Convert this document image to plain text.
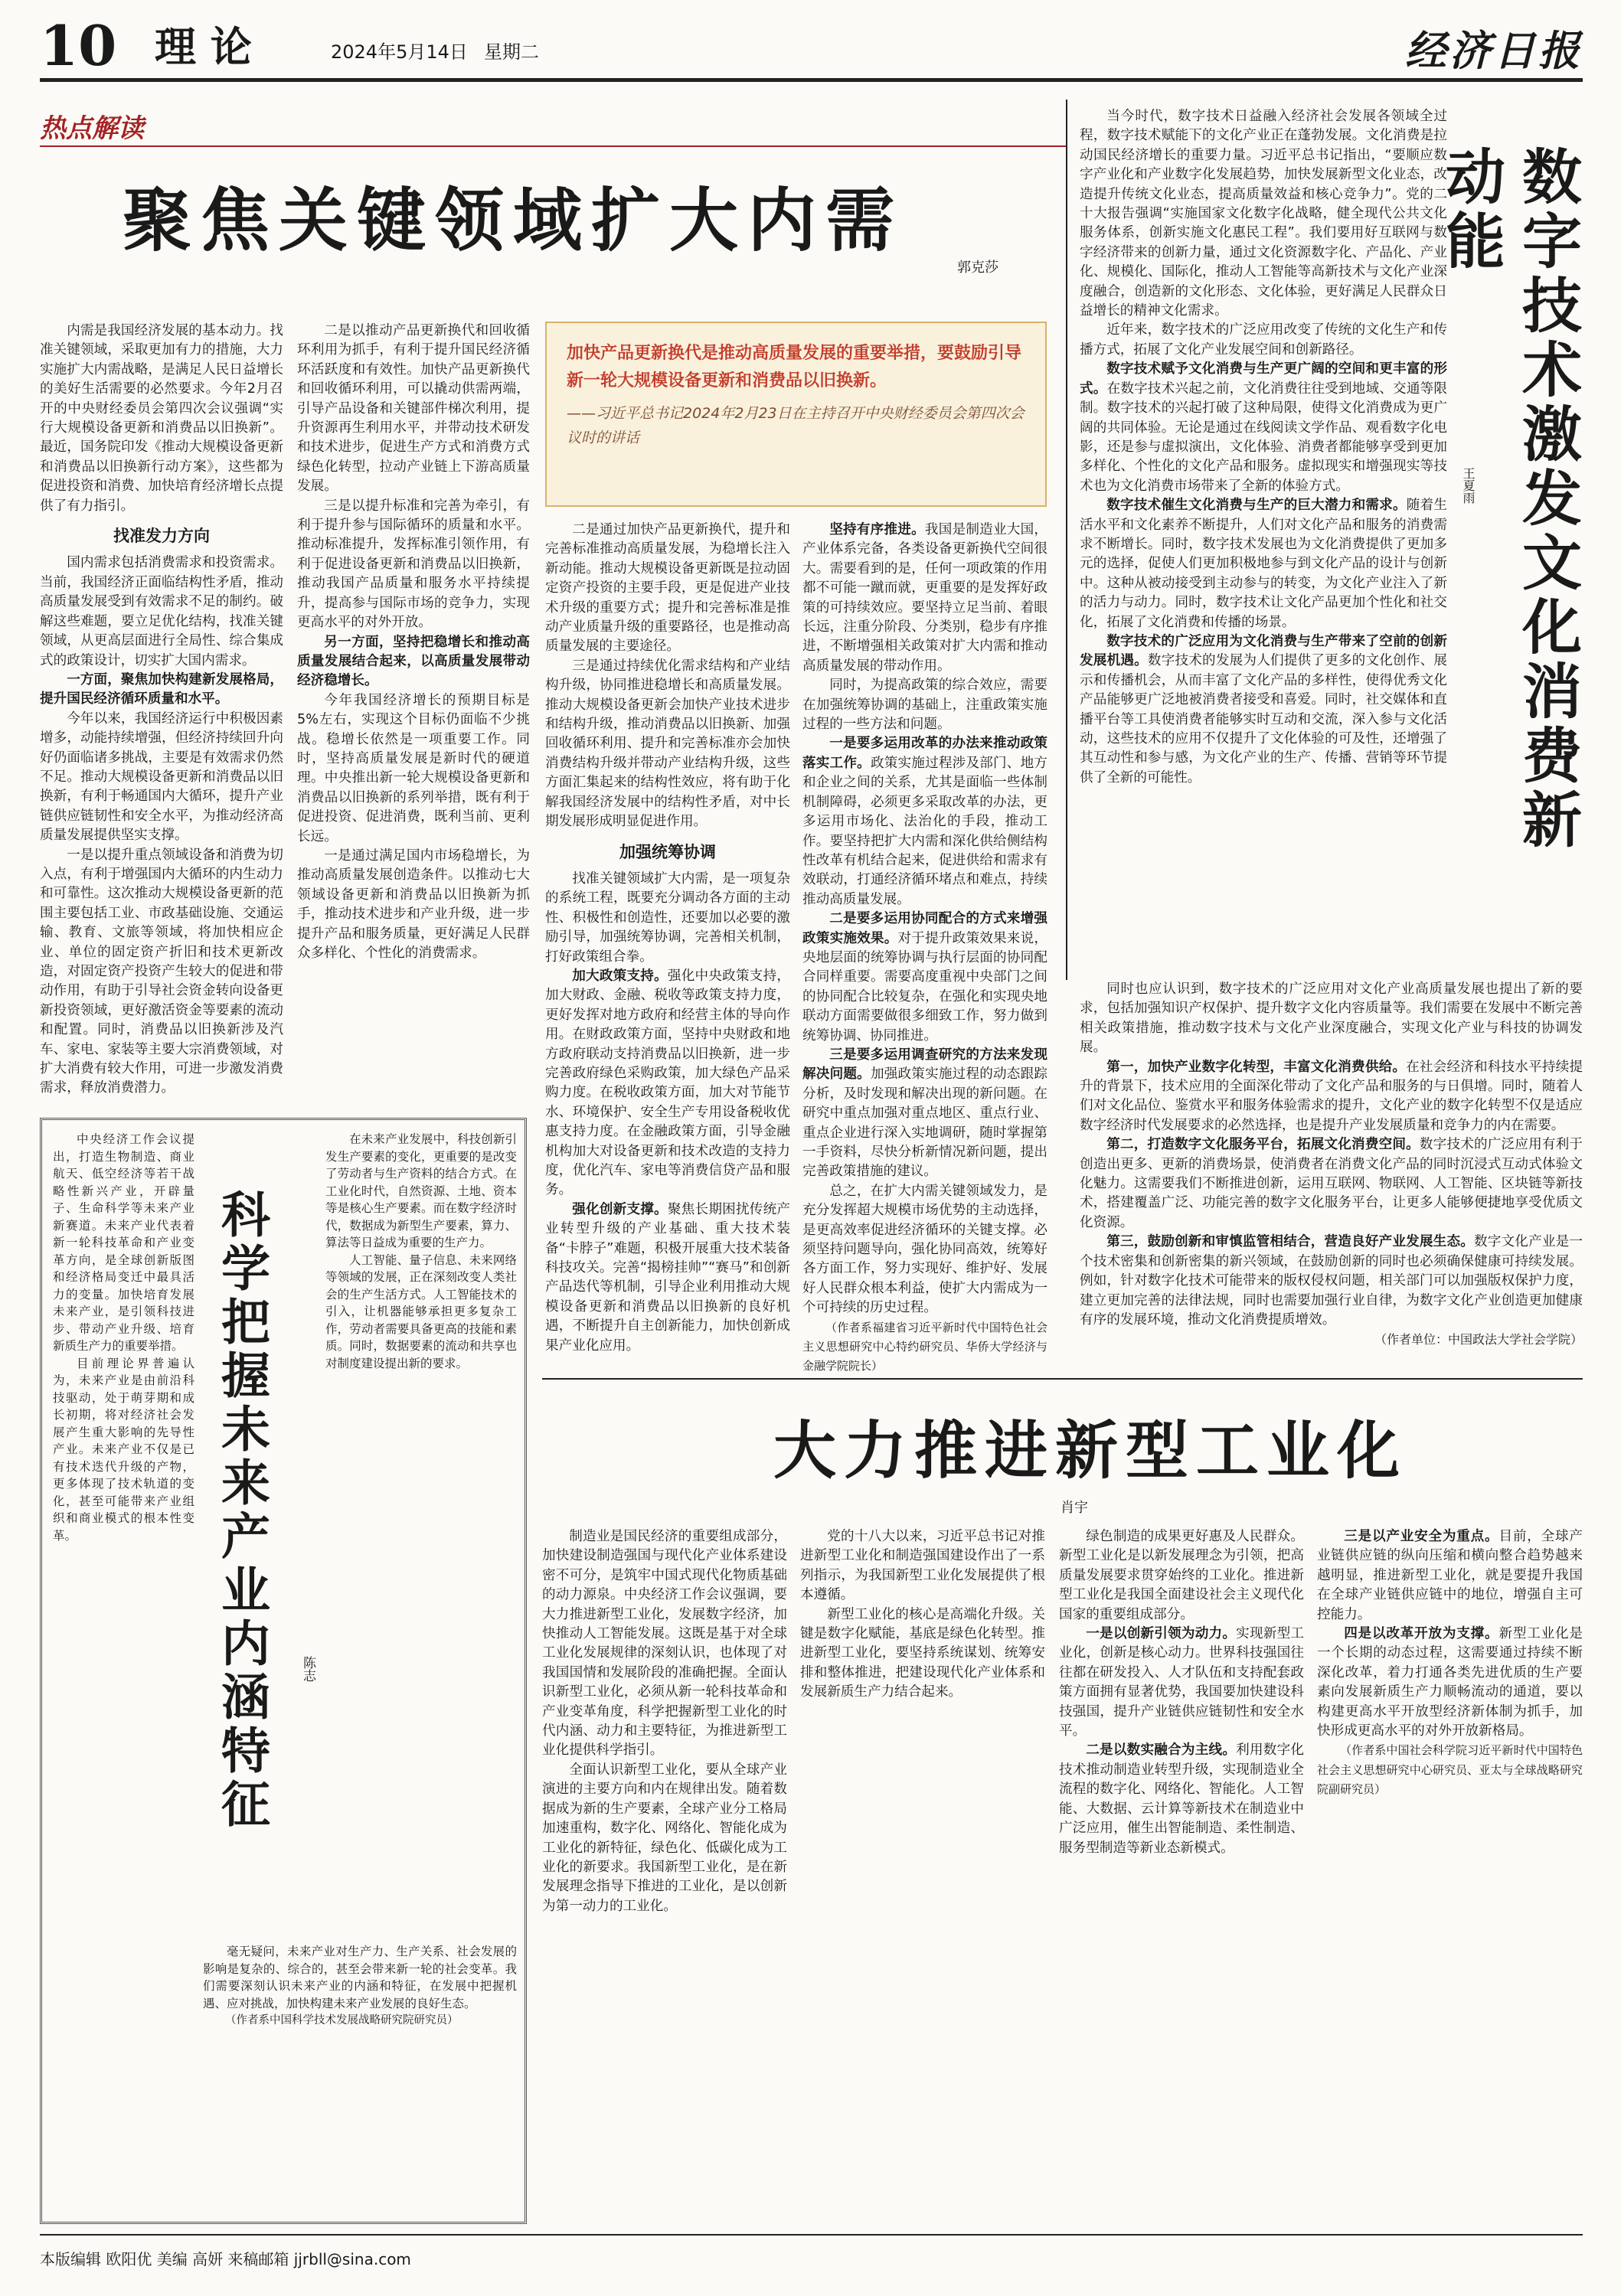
10 理 论	2024年5月14日 星期二	经济日报
热点解读
聚焦关键领域扩大内需
郭克莎
加快产品更新换代是推动高质量发展的重要举措，要鼓励引导新一轮大规模设备更新和消费品以旧换新。
——习近平总书记2024年2月23日在主持召开中央财经委员会第四次会议时的讲话

内需是我国经济发展的基本动力。找准关键领域，采取更加有力的措施，大力实施扩大内需战略，是满足人民日益增长的美好生活需要的必然要求。今年2月召开的中央财经委员会第四次会议强调“实行大规模设备更新和消费品以旧换新”。最近，国务院印发《推动大规模设备更新和消费品以旧换新行动方案》，这些都为促进投资和消费、加快培育经济增长点提供了有力指引。

找准发力方向

国内需求包括消费需求和投资需求。当前，我国经济正面临结构性矛盾，推动高质量发展受到有效需求不足的制约。破解这些难题，要立足优化结构，找准关键领域，从更高层面进行全局性、综合集成式的政策设计，切实扩大国内需求。

一方面，聚焦加快构建新发展格局，提升国民经济循环质量和水平。

今年以来，我国经济运行中积极因素增多，动能持续增强，但经济持续回升向好仍面临诸多挑战，主要是有效需求仍然不足。推动大规模设备更新和消费品以旧换新，有利于畅通国内大循环，提升产业链供应链韧性和安全水平，为推动经济高质量发展提供坚实支撑。

一是以提升重点领域设备和消费为切入点，有利于增强国内大循环的内生动力和可靠性。这次推动大规模设备更新的范围主要包括工业、市政基础设施、交通运输、教育、文旅等领域，将加快相应企业、单位的固定资产折旧和技术更新改造，对固定资产投资产生较大的促进和带动作用，有助于引导社会资金转向设备更新投资领域，更好激活资金等要素的流动和配置。同时，消费品以旧换新涉及汽车、家电、家装等主要大宗消费领域，对扩大消费有较大作用，可进一步激发消费需求，释放消费潜力。

二是以推动产品更新换代和回收循环利用为抓手，有利于提升国民经济循环活跃度和有效性。加快产品更新换代和回收循环利用，可以撬动供需两端，引导产品设备和关键部件梯次利用，提升资源再生利用水平，并带动技术研发和技术进步，促进生产方式和消费方式绿色化转型，拉动产业链上下游高质量发展。

三是以提升标准和完善为牵引，有利于提升参与国际循环的质量和水平。推动标准提升，发挥标准引领作用，有利于促进设备更新和消费品以旧换新，推动我国产品质量和服务水平持续提升，提高参与国际市场的竞争力，实现更高水平的对外开放。

另一方面，坚持把稳增长和推动高质量发展结合起来，以高质量发展带动经济稳增长。

今年我国经济增长的预期目标是5%左右，实现这个目标仍面临不少挑战。稳增长依然是一项重要工作。同时，坚持高质量发展是新时代的硬道理。中央推出新一轮大规模设备更新和消费品以旧换新的系列举措，既有利于促进投资、促进消费，既利当前、更利长远。

一是通过满足国内市场稳增长，为推动高质量发展创造条件。以推动七大领域设备更新和消费品以旧换新为抓手，推动技术进步和产业升级，进一步提升产品和服务质量，更好满足人民群众多样化、个性化的消费需求。

二是通过加快产品更新换代，提升和完善标准推动高质量发展，为稳增长注入新动能。推动大规模设备更新既是拉动固定资产投资的主要手段，更是促进产业技术升级的重要方式；提升和完善标准是推动产业质量升级的重要路径，也是推动高质量发展的主要途径。

三是通过持续优化需求结构和产业结构升级，协同推进稳增长和高质量发展。推动大规模设备更新会加快产业技术进步和结构升级，推动消费品以旧换新、加强回收循环利用、提升和完善标准亦会加快消费结构升级并带动产业结构升级，这些方面汇集起来的结构性效应，将有助于化解我国经济发展中的结构性矛盾，对中长期发展形成明显促进作用。

加强统筹协调

找准关键领域扩大内需，是一项复杂的系统工程，既要充分调动各方面的主动性、积极性和创造性，还要加以必要的激励引导，加强统筹协调，完善相关机制，打好政策组合拳。

加大政策支持。强化中央政策支持，加大财政、金融、税收等政策支持力度，更好发挥对地方政府和经营主体的导向作用。在财政政策方面，坚持中央财政和地方政府联动支持消费品以旧换新，进一步完善政府绿色采购政策，加大绿色产品采购力度。在税收政策方面，加大对节能节水、环境保护、安全生产专用设备税收优惠支持力度。在金融政策方面，引导金融机构加大对设备更新和技术改造的支持力度，优化汽车、家电等消费信贷产品和服务。

强化创新支撑。聚焦长期困扰传统产业转型升级的产业基础、重大技术装备“卡脖子”难题，积极开展重大技术装备科技攻关。完善“揭榜挂帅”“赛马”和创新产品迭代等机制，引导企业利用推动大规模设备更新和消费品以旧换新的良好机遇，不断提升自主创新能力，加快创新成果产业化应用。

坚持有序推进。我国是制造业大国，产业体系完备，各类设备更新换代空间很大。需要看到的是，任何一项政策的作用都不可能一蹴而就，更重要的是发挥好政策的可持续效应。要坚持立足当前、着眼长远，注重分阶段、分类别，稳步有序推进，不断增强相关政策对扩大内需和推动高质量发展的带动作用。

同时，为提高政策的综合效应，需要在加强统筹协调的基础上，注重政策实施过程的一些方法和问题。

一是要多运用改革的办法来推动政策落实工作。政策实施过程涉及部门、地方和企业之间的关系，尤其是面临一些体制机制障碍，必须更多采取改革的办法，更多运用市场化、法治化的手段，推动工作。要坚持把扩大内需和深化供给侧结构性改革有机结合起来，促进供给和需求有效联动，打通经济循环堵点和难点，持续推动高质量发展。

二是要多运用协同配合的方式来增强政策实施效果。对于提升政策效果来说，央地层面的统筹协调与执行层面的协同配合同样重要。需要高度重视中央部门之间的协同配合比较复杂，在强化和实现央地联动方面需要做很多细致工作，努力做到统筹协调、协同推进。

三是要多运用调查研究的方法来发现解决问题。加强政策实施过程的动态跟踪分析，及时发现和解决出现的新问题。在研究中重点加强对重点地区、重点行业、重点企业进行深入实地调研，随时掌握第一手资料，尽快分析新情况新问题，提出完善政策措施的建议。

总之，在扩大内需关键领域发力，是充分发挥超大规模市场优势的主动选择，是更高效率促进经济循环的关键支撑。必须坚持问题导向，强化协同高效，统筹好各方面工作，努力实现好、维护好、发展好人民群众根本利益，使扩大内需成为一个可持续的历史过程。

（作者系福建省习近平新时代中国特色社会主义思想研究中心特约研究员、华侨大学经济与金融学院院长）

数字技术激发文化消费新动能
王夏雨

当今时代，数字技术日益融入经济社会发展各领域全过程，数字技术赋能下的文化产业正在蓬勃发展。文化消费是拉动国民经济增长的重要力量。习近平总书记指出，“要顺应数字产业化和产业数字化发展趋势，加快发展新型文化业态，改造提升传统文化业态，提高质量效益和核心竞争力”。党的二十大报告强调“实施国家文化数字化战略，健全现代公共文化服务体系，创新实施文化惠民工程”。我们要用好互联网与数字经济带来的创新力量，通过文化资源数字化、产品化、产业化、规模化、国际化，推动人工智能等高新技术与文化产业深度融合，创造新的文化形态、文化体验，更好满足人民群众日益增长的精神文化需求。

近年来，数字技术的广泛应用改变了传统的文化生产和传播方式，拓展了文化产业发展空间和创新路径。

数字技术赋予文化消费与生产更广阔的空间和更丰富的形式。在数字技术兴起之前，文化消费往往受到地域、交通等限制。数字技术的兴起打破了这种局限，使得文化消费成为更广阔的共同体验。无论是通过在线阅读文学作品、观看数字化电影，还是参与虚拟演出，文化体验、消费者都能够享受到更加多样化、个性化的文化产品和服务。虚拟现实和增强现实等技术也为文化消费市场带来了全新的体验方式。

数字技术催生文化消费与生产的巨大潜力和需求。随着生活水平和文化素养不断提升，人们对文化产品和服务的消费需求不断增长。同时，数字技术发展也为文化消费提供了更加多元的选择，促使人们更加积极地参与到文化产品的设计与创新中。这种从被动接受到主动参与的转变，为文化产业注入了新的活力与动力。同时，数字技术让文化产品更加个性化和社交化，拓展了文化消费和传播的场景。

数字技术的广泛应用为文化消费与生产带来了空前的创新发展机遇。数字技术的发展为人们提供了更多的文化创作、展示和传播机会，从而丰富了文化产品的多样性，使得优秀文化产品能够更广泛地被消费者接受和喜爱。同时，社交媒体和直播平台等工具使消费者能够实时互动和交流，深入参与文化活动，这些技术的应用不仅提升了文化体验的可及性，还增强了其互动性和参与感，为文化产业的生产、传播、营销等环节提供了全新的可能性。

同时也应认识到，数字技术的广泛应用对文化产业高质量发展也提出了新的要求，包括加强知识产权保护、提升数字文化内容质量等。我们需要在发展中不断完善相关政策措施，推动数字技术与文化产业深度融合，实现文化产业与科技的协调发展。

第一，加快产业数字化转型，丰富文化消费供给。在社会经济和科技水平持续提升的背景下，技术应用的全面深化带动了文化产品和服务的与日俱增。同时，随着人们对文化品位、鉴赏水平和服务体验需求的提升，文化产业的数字化转型不仅是适应数字经济时代发展要求的必然选择，也是提升产业发展质量和竞争力的内在需要。

第二，打造数字文化服务平台，拓展文化消费空间。数字技术的广泛应用有利于创造出更多、更新的消费场景，使消费者在消费文化产品的同时沉浸式互动式体验文化魅力。这需要我们不断推进创新，运用互联网、物联网、人工智能、区块链等新技术，搭建覆盖广泛、功能完善的数字文化服务平台，让更多人能够便捷地享受优质文化资源。

第三，鼓励创新和审慎监管相结合，营造良好产业发展生态。数字文化产业是一个技术密集和创新密集的新兴领域，在鼓励创新的同时也必须确保健康可持续发展。例如，针对数字化技术可能带来的版权侵权问题，相关部门可以加强版权保护力度，建立更加完善的法律法规，同时也需要加强行业自律，为数字文化产业创造更加健康有序的发展环境，推动文化消费提质增效。

（作者单位：中国政法大学社会学院）

科学把握未来产业内涵特征	陈志

中央经济工作会议提出，打造生物制造、商业航天、低空经济等若干战略性新兴产业，开辟量子、生命科学等未来产业新赛道。未来产业代表着新一轮科技革命和产业变革方向，是全球创新版图和经济格局变迁中最具活力的变量。加快培育发展未来产业，是引领科技进步、带动产业升级、培育新质生产力的重要举措。

目前理论界普遍认为，未来产业是由前沿科技驱动，处于萌芽期和成长初期，将对经济社会发展产生重大影响的先导性产业。未来产业不仅是已有技术迭代升级的产物，更多体现了技术轨道的变化，甚至可能带来产业组织和商业模式的根本性变革。

在未来产业发展中，科技创新引发生产要素的变化，更重要的是改变了劳动者与生产资料的结合方式。在工业化时代，自然资源、土地、资本等是核心生产要素。而在数字经济时代，数据成为新型生产要素，算力、算法等日益成为重要的生产力。

人工智能、量子信息、未来网络等领域的发展，正在深刻改变人类社会的生产生活方式。人工智能技术的引入，让机器能够承担更多复杂工作，劳动者需要具备更高的技能和素质。同时，数据要素的流动和共享也对制度建设提出新的要求。

毫无疑问，未来产业对生产力、生产关系、社会发展的影响是复杂的、综合的，甚至会带来新一轮的社会变革。我们需要深刻认识未来产业的内涵和特征，在发展中把握机遇、应对挑战，加快构建未来产业发展的良好生态。

（作者系中国科学技术发展战略研究院研究员）

大力推进新型工业化
肖宇

制造业是国民经济的重要组成部分，加快建设制造强国与现代化产业体系建设密不可分，是筑牢中国式现代化物质基础的动力源泉。中央经济工作会议强调，要大力推进新型工业化，发展数字经济，加快推动人工智能发展。这既是基于对全球工业化发展规律的深刻认识，也体现了对我国国情和发展阶段的准确把握。全面认识新型工业化，必须从新一轮科技革命和产业变革角度，科学把握新型工业化的时代内涵、动力和主要特征，为推进新型工业化提供科学指引。

全面认识新型工业化，要从全球产业演进的主要方向和内在规律出发。随着数据成为新的生产要素，全球产业分工格局加速重构，数字化、网络化、智能化成为工业化的新特征，绿色化、低碳化成为工业化的新要求。我国新型工业化，是在新发展理念指导下推进的工业化，是以创新为第一动力的工业化。

党的十八大以来，习近平总书记对推进新型工业化和制造强国建设作出了一系列指示，为我国新型工业化发展提供了根本遵循。

新型工业化的核心是高端化升级。关键是数字化赋能，基底是绿色化转型。推进新型工业化，要坚持系统谋划、统筹安排和整体推进，把建设现代化产业体系和发展新质生产力结合起来。

绿色制造的成果更好惠及人民群众。新型工业化是以新发展理念为引领，把高质量发展要求贯穿始终的工业化。推进新型工业化是我国全面建设社会主义现代化国家的重要组成部分。

一是以创新引领为动力。实现新型工业化，创新是核心动力。世界科技强国往往都在研发投入、人才队伍和支持配套政策方面拥有显著优势，我国要加快建设科技强国，提升产业链供应链韧性和安全水平。

二是以数实融合为主线。利用数字化技术推动制造业转型升级，实现制造业全流程的数字化、网络化、智能化。人工智能、大数据、云计算等新技术在制造业中广泛应用，催生出智能制造、柔性制造、服务型制造等新业态新模式。

三是以产业安全为重点。目前，全球产业链供应链的纵向压缩和横向整合趋势越来越明显，推进新型工业化，就是要提升我国在全球产业链供应链中的地位，增强自主可控能力。

四是以改革开放为支撑。新型工业化是一个长期的动态过程，这需要通过持续不断深化改革，着力打通各类先进优质的生产要素向发展新质生产力顺畅流动的通道，要以构建更高水平开放型经济新体制为抓手，加快形成更高水平的对外开放新格局。

（作者系中国社会科学院习近平新时代中国特色社会主义思想研究中心研究员、亚太与全球战略研究院副研究员）

本版编辑 欧阳优 美编 高妍 来稿邮箱 jjrbll@sina.com
